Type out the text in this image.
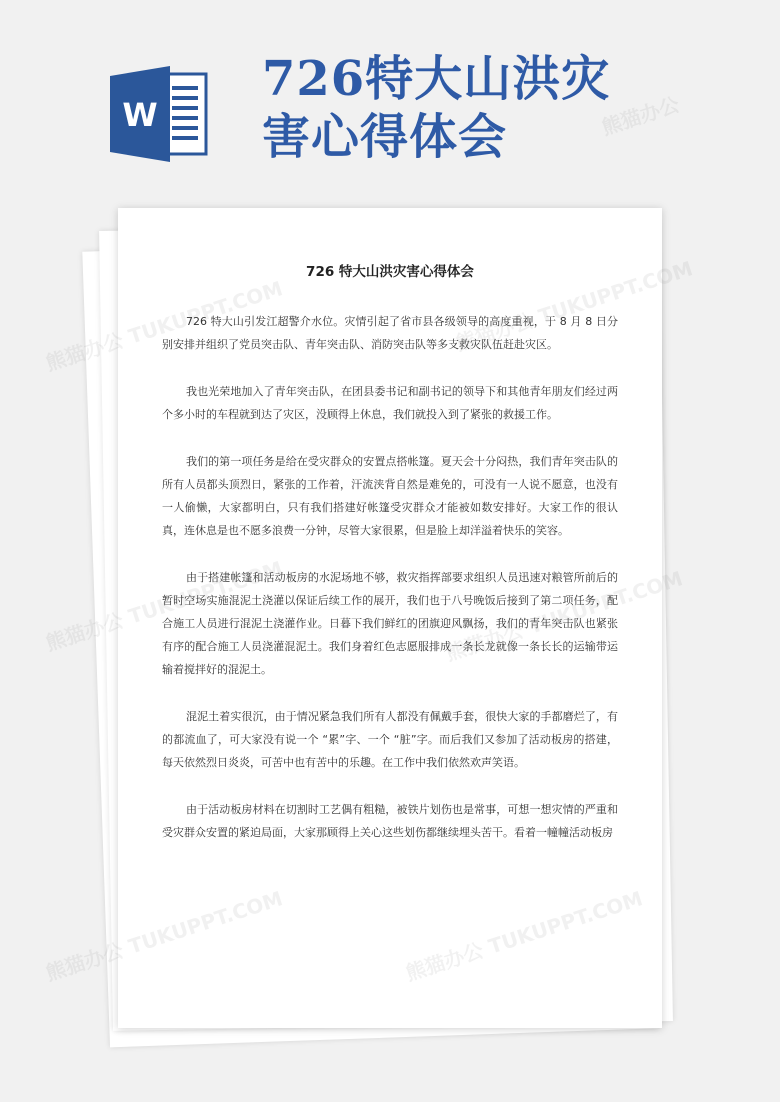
W
726特大山洪灾
害心得体会
726 特大山洪灾害心得体会

726 特大山引发江超警介水位。灾情引起了省市县各级领导的高度重视，于 8 月 8 日分别安排并组织了党员突击队、青年突击队、消防突击队等多支救灾队伍赶赴灾区。

我也光荣地加入了青年突击队，在团县委书记和副书记的领导下和其他青年朋友们经过两个多小时的车程就到达了灾区，没顾得上休息，我们就投入到了紧张的救援工作。

我们的第一项任务是给在受灾群众的安置点搭帐篷。夏天会十分闷热，我们青年突击队的所有人员都头顶烈日，紧张的工作着，汗流浃背自然是难免的，可没有一人说不愿意，也没有一人偷懒，大家都明白，只有我们搭建好帐篷受灾群众才能被如数安排好。大家工作的很认真，连休息是也不愿多浪费一分钟，尽管大家很累，但是脸上却洋溢着快乐的笑容。

由于搭建帐篷和活动板房的水泥场地不够，救灾指挥部要求组织人员迅速对粮管所前后的暂时空场实施混泥土浇灌以保证后续工作的展开，我们也于八号晚饭后接到了第二项任务，配合施工人员进行混泥土浇灌作业。日暮下我们鲜红的团旗迎风飘扬，我们的青年突击队也紧张有序的配合施工人员浇灌混泥土。我们身着红色志愿服排成一条长龙就像一条长长的运输带运输着搅拌好的混泥土。

混泥土着实很沉，由于情况紧急我们所有人都没有佩戴手套，很快大家的手都磨烂了，有的都流血了，可大家没有说一个 “累”字、一个 “脏”字。而后我们又参加了活动板房的搭建，每天依然烈日炎炎，可苦中也有苦中的乐趣。在工作中我们依然欢声笑语。

由于活动板房材料在切割时工艺偶有粗糙，被铁片划伤也是常事，可想一想灾情的严重和受灾群众安置的紧迫局面，大家那顾得上关心这些划伤都继续埋头苦干。看着一幢幢活动板房

熊猫办公
熊猫办公
熊猫办公
熊猫办公
